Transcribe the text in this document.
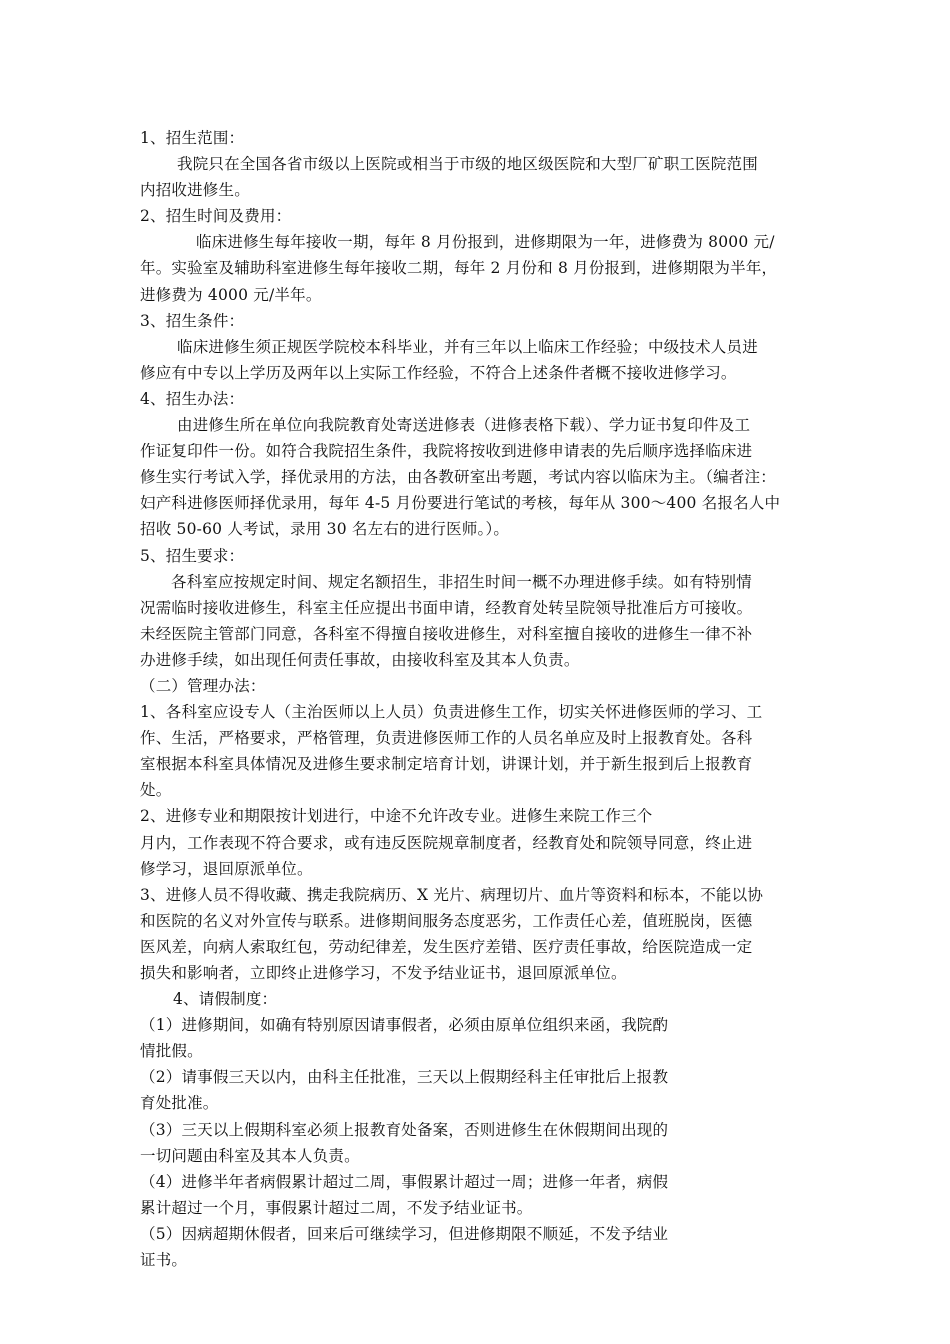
1、招生范围：
我院只在全国各省市级以上医院或相当于市级的地区级医院和大型厂矿职工医院范围
内招收进修生。
2、招生时间及费用：
临床进修生每年接收一期，每年 8 月份报到，进修期限为一年，进修费为 8000 元/
年。实验室及辅助科室进修生每年接收二期，每年 2 月份和 8 月份报到，进修期限为半年，
进修费为 4000 元/半年。
3、招生条件：
临床进修生须正规医学院校本科毕业，并有三年以上临床工作经验；中级技术人员进
修应有中专以上学历及两年以上实际工作经验，不符合上述条件者概不接收进修学习。
4、招生办法：
由进修生所在单位向我院教育处寄送进修表（进修表格下载）、学力证书复印件及工
作证复印件一份。如符合我院招生条件，我院将按收到进修申请表的先后顺序选择临床进
修生实行考试入学，择优录用的方法，由各教研室出考题，考试内容以临床为主。（编者注：
妇产科进修医师择优录用，每年 4-5 月份要进行笔试的考核，每年从 300～400 名报名人中
招收 50-60 人考试，录用 30 名左右的进行医师。）。
5、招生要求：
各科室应按规定时间、规定名额招生，非招生时间一概不办理进修手续。如有特别情
况需临时接收进修生，科室主任应提出书面申请，经教育处转呈院领导批准后方可接收。
未经医院主管部门同意，各科室不得擅自接收进修生，对科室擅自接收的进修生一律不补
办进修手续，如出现任何责任事故，由接收科室及其本人负责。
（二）管理办法：
1、各科室应设专人（主治医师以上人员）负责进修生工作，切实关怀进修医师的学习、工
作、生活，严格要求，严格管理，负责进修医师工作的人员名单应及时上报教育处。各科
室根据本科室具体情况及进修生要求制定培育计划，讲课计划，并于新生报到后上报教育
处。
2、进修专业和期限按计划进行，中途不允许改专业。进修生来院工作三个
月内，工作表现不符合要求，或有违反医院规章制度者，经教育处和院领导同意，终止进
修学习，退回原派单位。
3、进修人员不得收藏、携走我院病历、X 光片、病理切片、血片等资料和标本，不能以协
和医院的名义对外宣传与联系。进修期间服务态度恶劣，工作责任心差，值班脱岗，医德
医风差，向病人索取红包，劳动纪律差，发生医疗差错、医疗责任事故，给医院造成一定
损失和影响者，立即终止进修学习，不发予结业证书，退回原派单位。
4、请假制度：
（1）进修期间，如确有特别原因请事假者，必须由原单位组织来函，我院酌
情批假。
（2）请事假三天以内，由科主任批准，三天以上假期经科主任审批后上报教
育处批准。
（3）三天以上假期科室必须上报教育处备案，否则进修生在休假期间出现的
一切问题由科室及其本人负责。
（4）进修半年者病假累计超过二周，事假累计超过一周；进修一年者，病假
累计超过一个月，事假累计超过二周，不发予结业证书。
（5）因病超期休假者，回来后可继续学习，但进修期限不顺延，不发予结业
证书。
